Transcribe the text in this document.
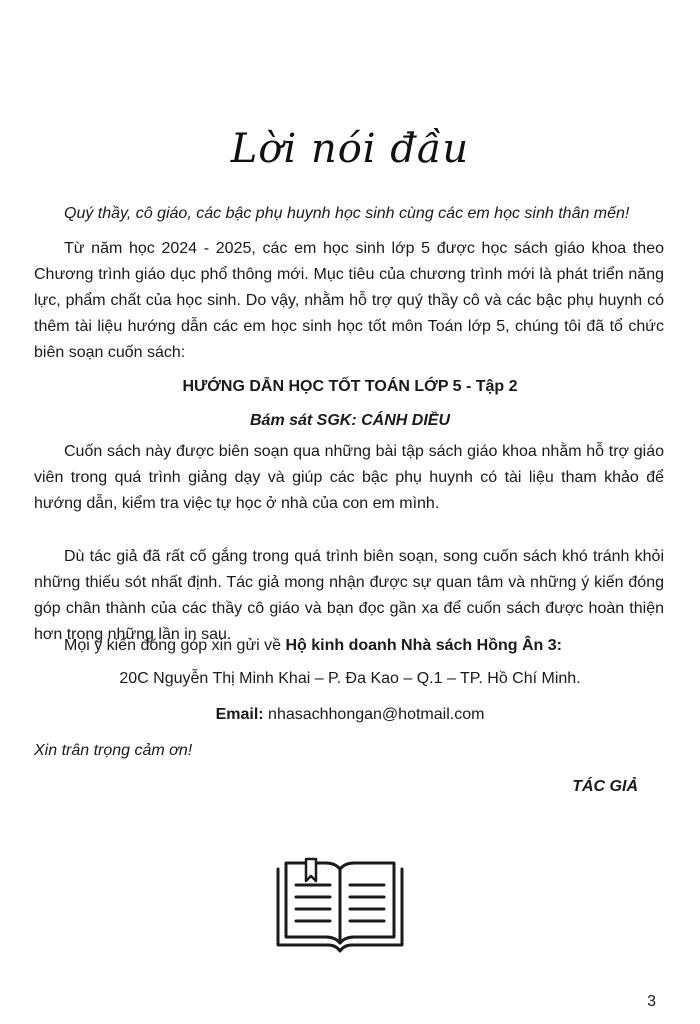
Lời nói đầu
Quý thầy, cô giáo, các bậc phụ huynh học sinh cùng các em học sinh thân mến!
Từ năm học 2024 - 2025, các em học sinh lớp 5 được học sách giáo khoa theo Chương trình giáo dục phổ thông mới. Mục tiêu của chương trình mới là phát triển năng lực, phẩm chất của học sinh. Do vậy, nhằm hỗ trợ quý thầy cô và các bậc phụ huynh có thêm tài liệu hướng dẫn các em học sinh học tốt môn Toán lớp 5, chúng tôi đã tổ chức biên soạn cuốn sách:
HƯỚNG DẪN HỌC TỐT TOÁN LỚP 5 - Tập 2
Bám sát SGK: CÁNH DIỀU
Cuốn sách này được biên soạn qua những bài tập sách giáo khoa nhằm hỗ trợ giáo viên trong quá trình giảng dạy và giúp các bậc phụ huynh có tài liệu tham khảo để hướng dẫn, kiểm tra việc tự học ở nhà của con em mình.
Dù tác giả đã rất cố gắng trong quá trình biên soạn, song cuốn sách khó tránh khỏi những thiếu sót nhất định. Tác giả mong nhận được sự quan tâm và những ý kiến đóng góp chân thành của các thầy cô giáo và bạn đọc gần xa để cuốn sách được hoàn thiện hơn trong những lần in sau.
Mọi ý kiến đóng góp xin gửi về Hộ kinh doanh Nhà sách Hồng Ân 3:
20C Nguyễn Thị Minh Khai – P. Đa Kao – Q.1 – TP. Hồ Chí Minh.
Email: nhasachhongan@hotmail.com
Xin trân trọng cảm ơn!
TÁC GIẢ
3
